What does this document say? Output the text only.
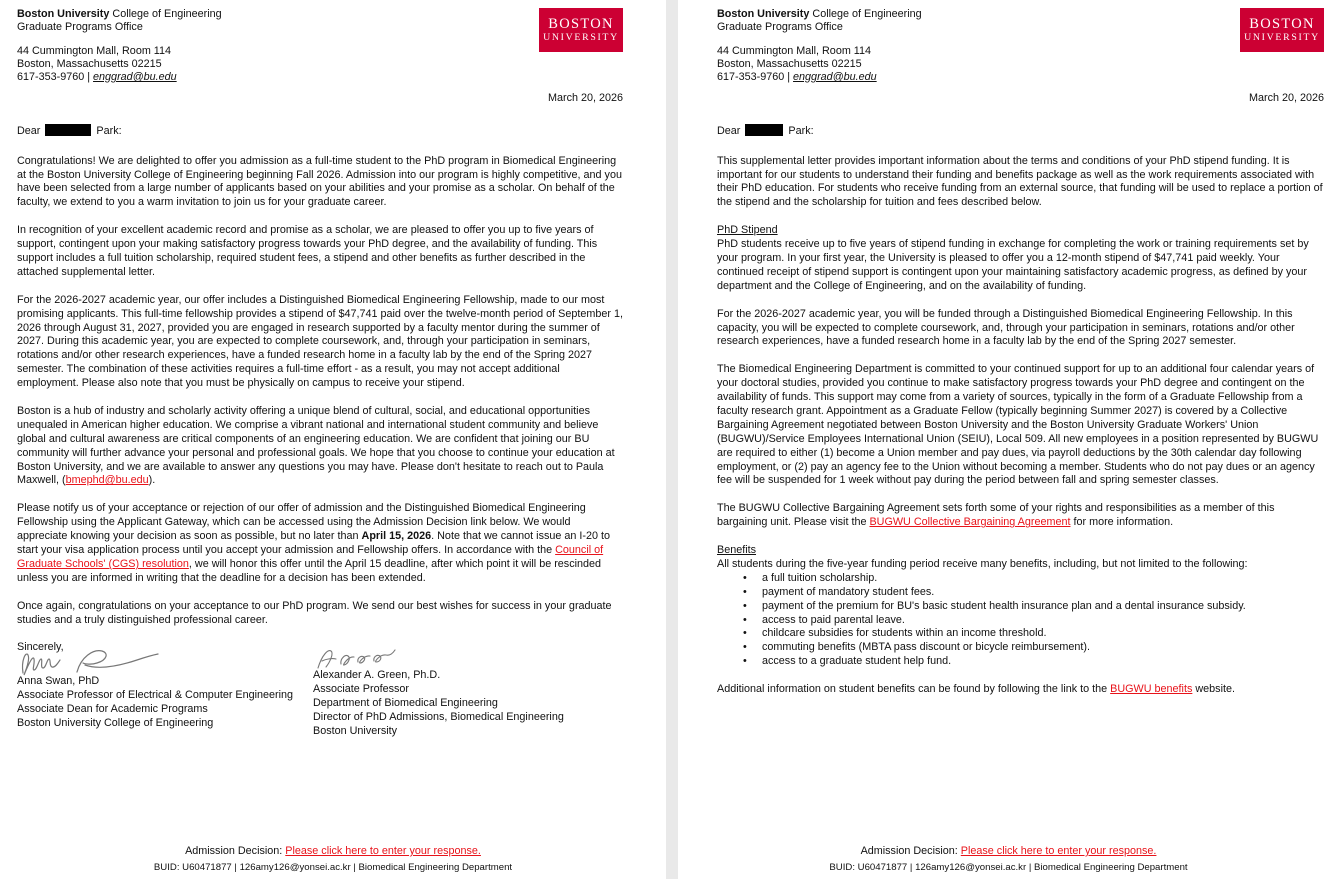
Boston University College of Engineering
Graduate Programs Office
44 Cummington Mall, Room 114
Boston, Massachusetts 02215
617-353-9760 | enggrad@bu.edu
BOSTON
UNIVERSITY
March 20, 2026
Dear	Park:

Congratulations! We are delighted to offer you admission as a full-time student to the PhD program in Biomedical Engineering at the Boston University College of Engineering beginning Fall 2026. Admission into our program is highly competitive, and you have been selected from a large number of applicants based on your abilities and your promise as a scholar. On behalf of the faculty, we extend to you a warm invitation to join us for your graduate career.

In recognition of your excellent academic record and promise as a scholar, we are pleased to offer you up to five years of support, contingent upon your making satisfactory progress towards your PhD degree, and the availability of funding. This support includes a full tuition scholarship, required student fees, a stipend and other benefits as further described in the attached supplemental letter.

For the 2026-2027 academic year, our offer includes a Distinguished Biomedical Engineering Fellowship, made to our most promising applicants. This full-time fellowship provides a stipend of $47,741 paid over the twelve-month period of September 1, 2026 through August 31, 2027, provided you are engaged in research supported by a faculty mentor during the summer of 2027. During this academic year, you are expected to complete coursework, and, through your participation in seminars, rotations and/or other research experiences, have a funded research home in a faculty lab by the end of the Spring 2027 semester. The combination of these activities requires a full-time effort - as a result, you may not accept additional employment. Please also note that you must be physically on campus to receive your stipend.

Boston is a hub of industry and scholarly activity offering a unique blend of cultural, social, and educational opportunities unequaled in American higher education. We comprise a vibrant national and international student community and believe global and cultural awareness are critical components of an engineering education. We are confident that joining our BU community will further advance your personal and professional goals. We hope that you choose to continue your education at Boston University, and we are available to answer any questions you may have. Please don't hesitate to reach out to Paula Maxwell, (bmephd@bu.edu).

Please notify us of your acceptance or rejection of our offer of admission and the Distinguished Biomedical Engineering Fellowship using the Applicant Gateway, which can be accessed using the Admission Decision link below. We would appreciate knowing your decision as soon as possible, but no later than April 15, 2026. Note that we cannot issue an I-20 to start your visa application process until you accept your admission and Fellowship offers. In accordance with the Council of Graduate Schools' (CGS) resolution, we will honor this offer until the April 15 deadline, after which point it will be rescinded unless you are informed in writing that the deadline for a decision has been extended.

Once again, congratulations on your acceptance to our PhD program. We send our best wishes for success in your graduate studies and a truly distinguished professional career.

Sincerely,
Anna Swan, PhD
Associate Professor of Electrical & Computer Engineering
Associate Dean for Academic Programs
Boston University College of Engineering
Alexander A. Green, Ph.D.
Associate Professor
Department of Biomedical Engineering
Director of PhD Admissions, Biomedical Engineering
Boston University
Admission Decision: Please click here to enter your response.
BUID: U60471877 | 126amy126@yonsei.ac.kr | Biomedical Engineering Department
Boston University College of Engineering
Graduate Programs Office
44 Cummington Mall, Room 114
Boston, Massachusetts 02215
617-353-9760 | enggrad@bu.edu
BOSTON
UNIVERSITY
March 20, 2026
Dear	Park:

This supplemental letter provides important information about the terms and conditions of your PhD stipend funding. It is important for our students to understand their funding and benefits package as well as the work requirements associated with their PhD education. For students who receive funding from an external source, that funding will be used to replace a portion of the stipend and the scholarship for tuition and fees described below.

PhD Stipend

PhD students receive up to five years of stipend funding in exchange for completing the work or training requirements set by your program. In your first year, the University is pleased to offer you a 12-month stipend of $47,741 paid weekly. Your continued receipt of stipend support is contingent upon your maintaining satisfactory academic progress, as defined by your department and the College of Engineering, and on the availability of funding.

For the 2026-2027 academic year, you will be funded through a Distinguished Biomedical Engineering Fellowship. In this capacity, you will be expected to complete coursework, and, through your participation in seminars, rotations and/or other research experiences, have a funded research home in a faculty lab by the end of the Spring 2027 semester.

The Biomedical Engineering Department is committed to your continued support for up to an additional four calendar years of your doctoral studies, provided you continue to make satisfactory progress towards your PhD degree and contingent on the availability of funds. This support may come from a variety of sources, typically in the form of a Graduate Fellowship from a faculty research grant. Appointment as a Graduate Fellow (typically beginning Summer 2027) is covered by a Collective Bargaining Agreement negotiated between Boston University and the Boston University Graduate Workers' Union (BUGWU)/Service Employees International Union (SEIU), Local 509. All new employees in a position represented by BUGWU are required to either (1) become a Union member and pay dues, via payroll deductions by the 30th calendar day following employment, or (2) pay an agency fee to the Union without becoming a member. Students who do not pay dues or an agency fee will be suspended for 1 week without pay during the period between fall and spring semester classes.

The BUGWU Collective Bargaining Agreement sets forth some of your rights and responsibilities as a member of this bargaining unit. Please visit the BUGWU Collective Bargaining Agreement for more information.

Benefits
All students during the five-year funding period receive many benefits, including, but not limited to the following:
• a full tuition scholarship.
• payment of mandatory student fees.
• payment of the premium for BU's basic student health insurance plan and a dental insurance subsidy.
• access to paid parental leave.
• childcare subsidies for students within an income threshold.
• commuting benefits (MBTA pass discount or bicycle reimbursement).
• access to a graduate student help fund.

Additional information on student benefits can be found by following the link to the BUGWU benefits website.

Admission Decision: Please click here to enter your response.
BUID: U60471877 | 126amy126@yonsei.ac.kr | Biomedical Engineering Department
